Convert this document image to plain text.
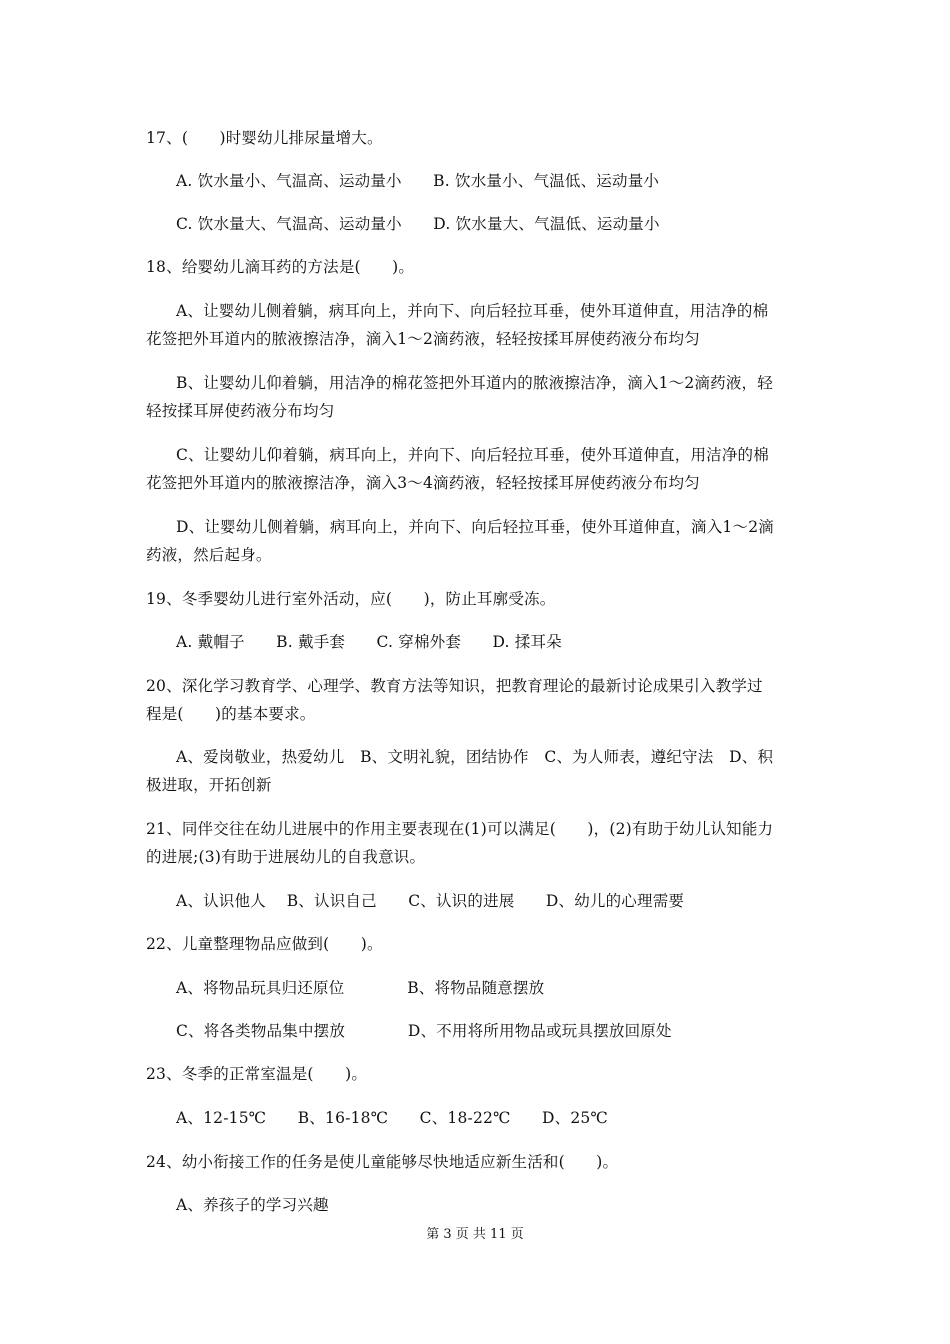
17、(　　)时婴幼儿排尿量增大。
A. 饮水量小、气温高、运动量小　　B. 饮水量小、气温低、运动量小
C. 饮水量大、气温高、运动量小　　D. 饮水量大、气温低、运动量小
18、给婴幼儿滴耳药的方法是(　　)。
A、让婴幼儿侧着躺，病耳向上，并向下、向后轻拉耳垂，使外耳道伸直，用洁净的棉
花签把外耳道内的脓液擦洁净，滴入1～2滴药液，轻轻按揉耳屏使药液分布均匀
B、让婴幼儿仰着躺，用洁净的棉花签把外耳道内的脓液擦洁净，滴入1～2滴药液，轻
轻按揉耳屏使药液分布均匀
C、让婴幼儿仰着躺，病耳向上，并向下、向后轻拉耳垂，使外耳道伸直，用洁净的棉
花签把外耳道内的脓液擦洁净，滴入3～4滴药液，轻轻按揉耳屏使药液分布均匀
D、让婴幼儿侧着躺，病耳向上，并向下、向后轻拉耳垂，使外耳道伸直，滴入1～2滴
药液，然后起身。
19、冬季婴幼儿进行室外活动，应(　　)，防止耳廓受冻。
A. 戴帽子　　B. 戴手套　　C. 穿棉外套　　D. 揉耳朵
20、深化学习教育学、心理学、教育方法等知识，把教育理论的最新讨论成果引入教学过
程是(　　)的基本要求。
A、爱岗敬业，热爱幼儿　B、文明礼貌，团结协作　C、为人师表，遵纪守法　D、积
极进取，开拓创新
21、同伴交往在幼儿进展中的作用主要表现在(1)可以满足(　　)，(2)有助于幼儿认知能力
的进展;(3)有助于进展幼儿的自我意识。
A、认识他人　 B、认识自己　　C、认识的进展　　D、幼儿的心理需要
22、儿童整理物品应做到(　　)。
A、将物品玩具归还原位　　　　B、将物品随意摆放
C、将各类物品集中摆放　　　　D、不用将所用物品或玩具摆放回原处
23、冬季的正常室温是(　　)。
A、12-15℃　　B、16-18℃　　C、18-22℃　　D、25℃
24、幼小衔接工作的任务是使儿童能够尽快地适应新生活和(　　)。
A、养孩子的学习兴趣
第 3 页 共 11 页
